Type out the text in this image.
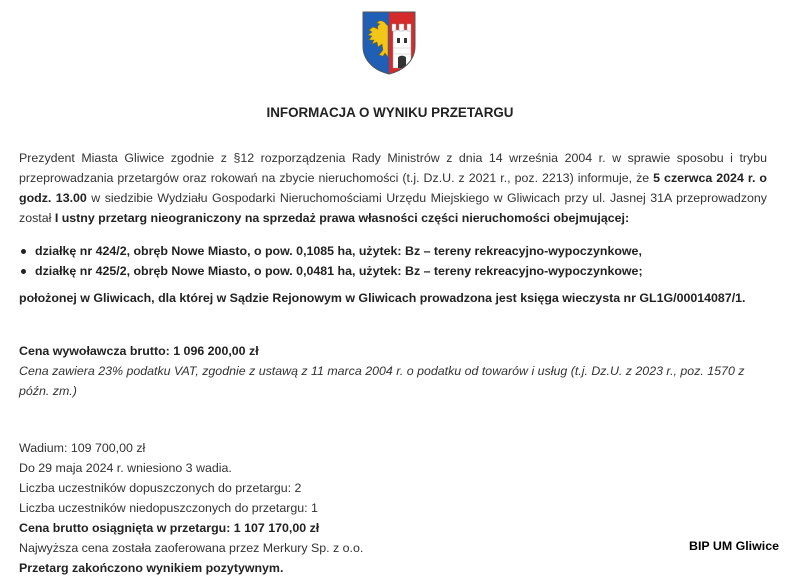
INFORMACJA O WYNIKU PRZETARGU

Prezydent Miasta Gliwice zgodnie z §12 rozporządzenia Rady Ministrów z dnia 14 września 2004 r. w sprawie sposobu i trybu przeprowadzania przetargów oraz rokowań na zbycie nieruchomości (t.j. Dz.U. z 2021 r., poz. 2213) informuje, że 5 czerwca 2024 r. o godz. 13.00 w siedzibie Wydziału Gospodarki Nieruchomościami Urzędu Miejskiego w Gliwicach przy ul. Jasnej 31A przeprowadzony został I ustny przetarg nieograniczony na sprzedaż prawa własności części nieruchomości obejmującej:

działkę nr 424/2, obręb Nowe Miasto, o pow. 0,1085 ha, użytek: Bz – tereny rekreacyjno-wypoczynkowe,
działkę nr 425/2, obręb Nowe Miasto, o pow. 0,0481 ha, użytek: Bz – tereny rekreacyjno-wypoczynkowe;
położonej w Gliwicach, dla której w Sądzie Rejonowym w Gliwicach prowadzona jest księga wieczysta nr GL1G/00014087/1.
Cena wywoławcza brutto: 1 096 200,00 zł
Cena zawiera 23% podatku VAT, zgodnie z ustawą z 11 marca 2004 r. o podatku od towarów i usług (t.j. Dz.U. z 2023 r., poz. 1570 z późn. zm.)
Wadium: 109 700,00 zł
Do 29 maja 2024 r. wniesiono 3 wadia.
Liczba uczestników dopuszczonych do przetargu: 2
Liczba uczestników niedopuszczonych do przetargu: 1
Cena brutto osiągnięta w przetargu: 1 107 170,00 zł
Najwyższa cena została zaoferowana przez Merkury Sp. z o.o.
Przetarg zakończono wynikiem pozytywnym.
BIP UM Gliwice
